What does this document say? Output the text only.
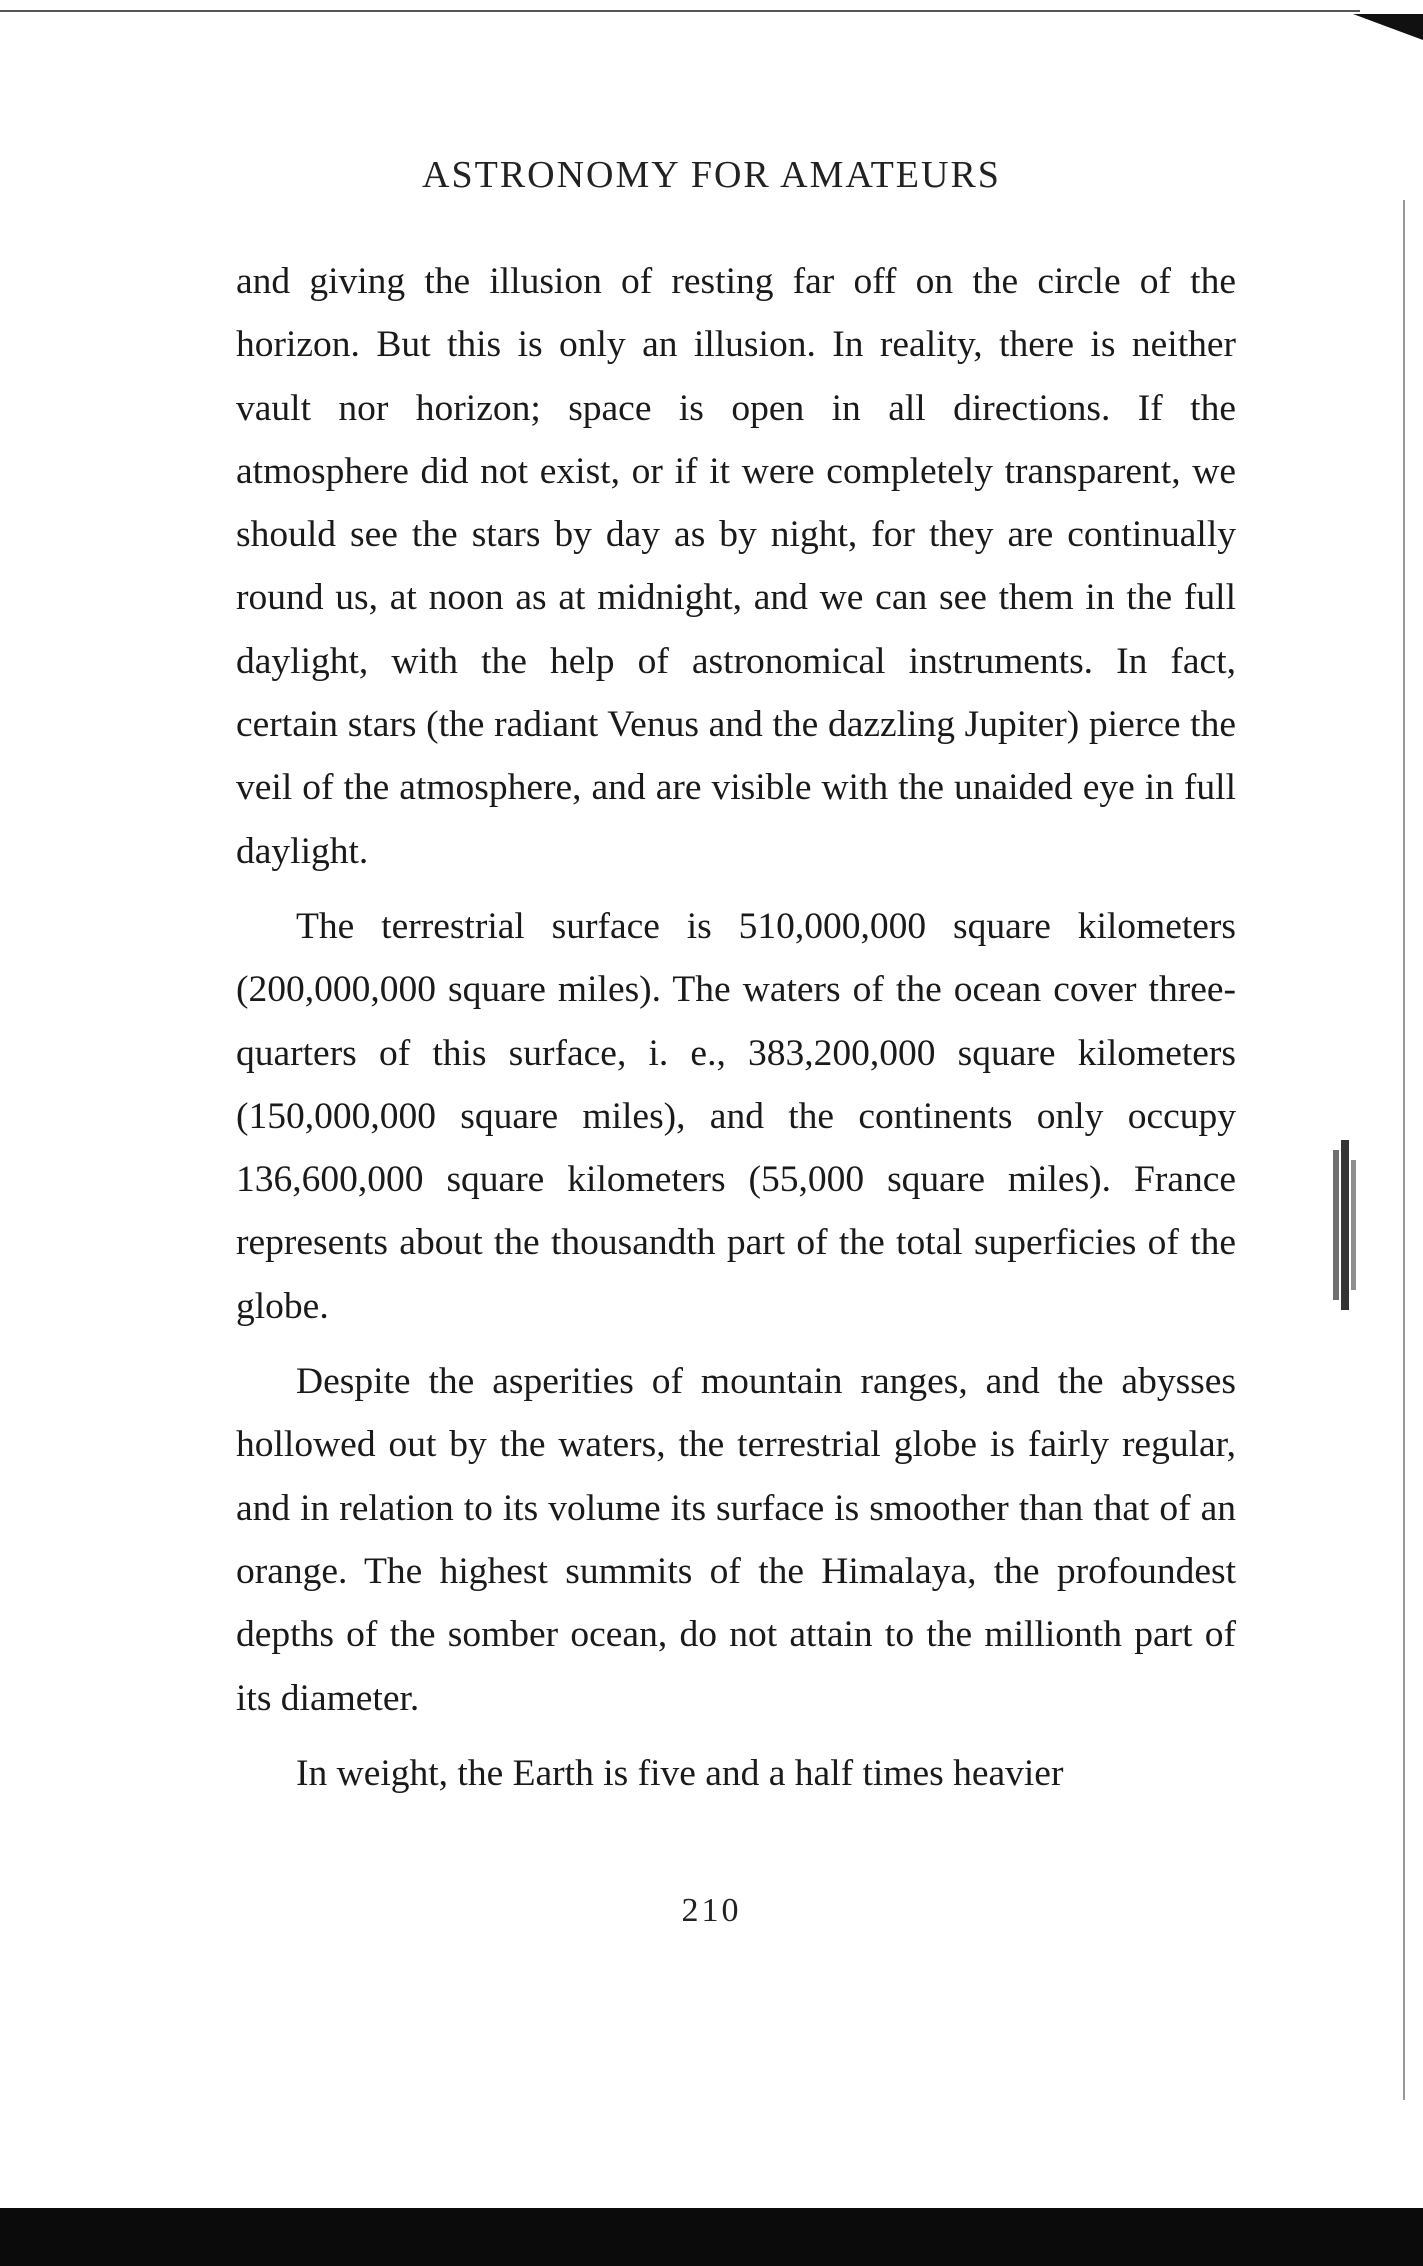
ASTRONOMY FOR AMATEURS

and giving the illusion of resting far off on the circle of the horizon. But this is only an illusion. In reality, there is neither vault nor horizon; space is open in all directions. If the atmosphere did not exist, or if it were completely transparent, we should see the stars by day as by night, for they are continually round us, at noon as at midnight, and we can see them in the full daylight, with the help of astronomical instruments. In fact, certain stars (the radiant Venus and the dazzling Jupiter) pierce the veil of the atmosphere, and are visible with the unaided eye in full daylight.

The terrestrial surface is 510,000,000 square kilometers (200,000,000 square miles). The waters of the ocean cover three-quarters of this surface, i. e., 383,200,000 square kilometers (150,000,000 square miles), and the continents only occupy 136,600,000 square kilometers (55,000 square miles). France represents about the thousandth part of the total superficies of the globe.

Despite the asperities of mountain ranges, and the abysses hollowed out by the waters, the terrestrial globe is fairly regular, and in relation to its volume its surface is smoother than that of an orange. The highest summits of the Himalaya, the profoundest depths of the somber ocean, do not attain to the millionth part of its diameter.

In weight, the Earth is five and a half times heavier

210
